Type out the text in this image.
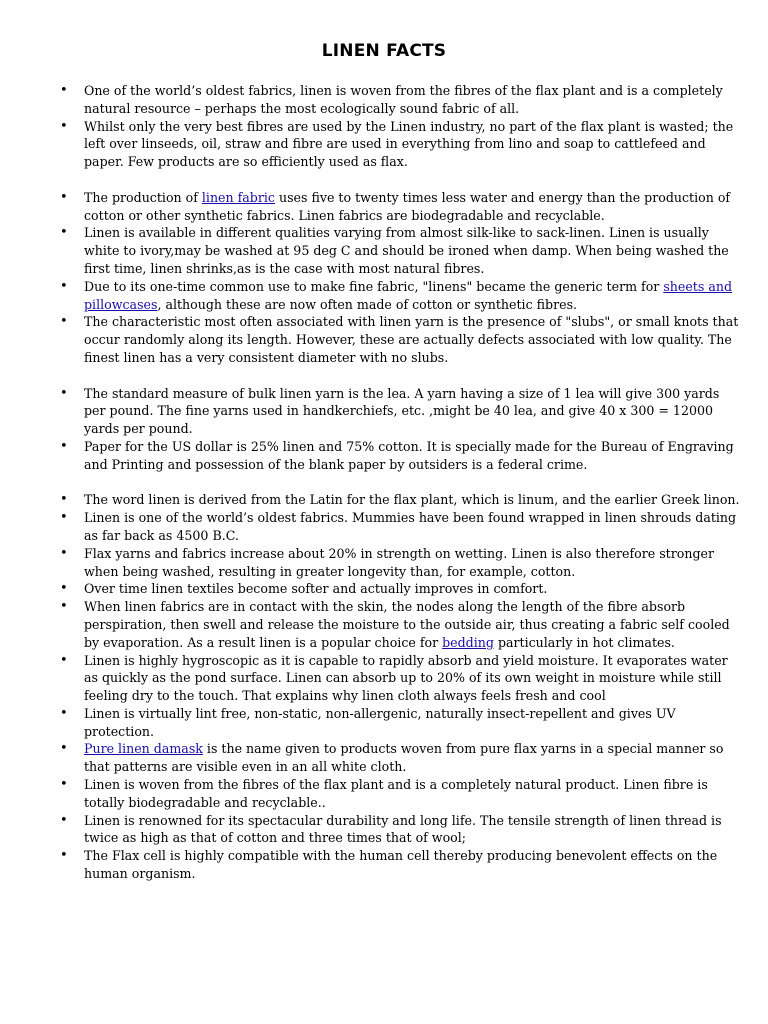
LINEN FACTS
• One of the world’s oldest fabrics, linen is woven from the fibres of the flax plant and is a completely natural resource – perhaps the most ecologically sound fabric of all.
• Whilst only the very best fibres are used by the Linen industry, no part of the flax plant is wasted; the left over linseeds, oil, straw and fibre are used in everything from lino and soap to cattlefeed and paper. Few products are so efficiently used as flax.
• The production of linen fabric uses five to twenty times less water and energy than the production of cotton or other synthetic fabrics. Linen fabrics are biodegradable and recyclable.
• Linen is available in different qualities varying from almost silk-like to sack-linen. Linen is usually white to ivory,may be washed at 95 deg C and should be ironed when damp. When being washed the first time, linen shrinks,as is the case with most natural fibres.
• Due to its one-time common use to make fine fabric, "linens" became the generic term for sheets and pillowcases, although these are now often made of cotton or synthetic fibres.
• The characteristic most often associated with linen yarn is the presence of "slubs", or small knots that occur randomly along its length. However, these are actually defects associated with low quality. The finest linen has a very consistent diameter with no slubs.
• The standard measure of bulk linen yarn is the lea. A yarn having a size of 1 lea will give 300 yards per pound. The fine yarns used in handkerchiefs, etc. ,might be 40 lea, and give 40 x 300 = 12000 yards per pound.
• Paper for the US dollar is 25% linen and 75% cotton. It is specially made for the Bureau of Engraving and Printing and possession of the blank paper by outsiders is a federal crime.
• The word linen is derived from the Latin for the flax plant, which is linum, and the earlier Greek linon.
• Linen is one of the world’s oldest fabrics. Mummies have been found wrapped in linen shrouds dating as far back as 4500 B.C.
• Flax yarns and fabrics increase about 20% in strength on wetting. Linen is also therefore stronger when being washed, resulting in greater longevity than, for example, cotton.
• Over time linen textiles become softer and actually improves in comfort.
• When linen fabrics are in contact with the skin, the nodes along the length of the fibre absorb perspiration, then swell and release the moisture to the outside air, thus creating a fabric self cooled by evaporation. As a result linen is a popular choice for bedding particularly in hot climates.
• Linen is highly hygroscopic as it is capable to rapidly absorb and yield moisture. It evaporates water as quickly as the pond surface. Linen can absorb up to 20% of its own weight in moisture while still feeling dry to the touch. That explains why linen cloth always feels fresh and cool
• Linen is virtually lint free, non-static, non-allergenic, naturally insect-repellent and gives UV protection.
• Pure linen damask is the name given to products woven from pure flax yarns in a special manner so that patterns are visible even in an all white cloth.
• Linen is woven from the fibres of the flax plant and is a completely natural product. Linen fibre is totally biodegradable and recyclable..
• Linen is renowned for its spectacular durability and long life. The tensile strength of linen thread is twice as high as that of cotton and three times that of wool;
• The Flax cell is highly compatible with the human cell thereby producing benevolent effects on the human organism.
